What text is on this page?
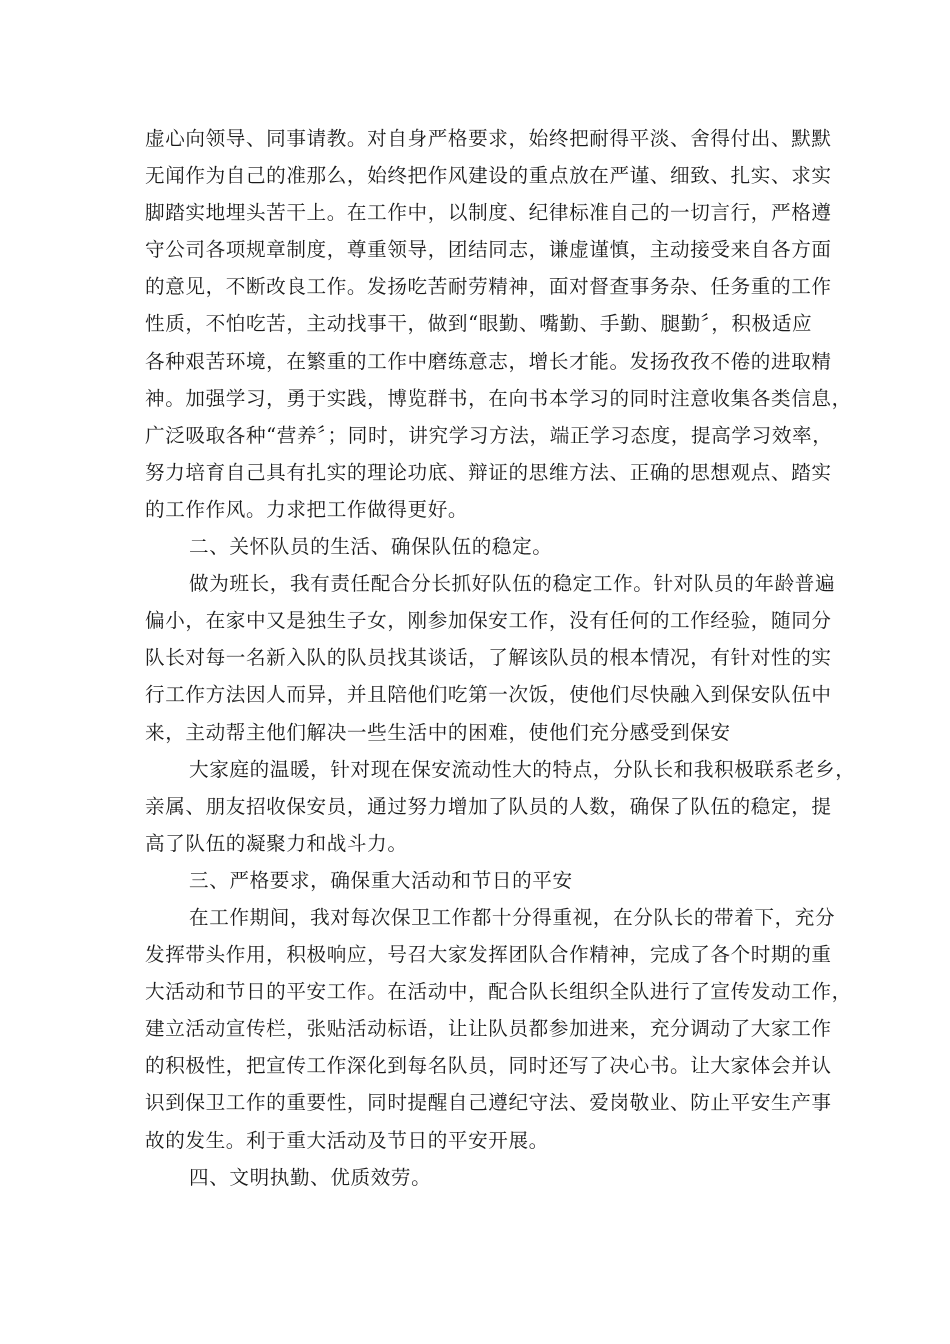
虚心向领导、同事请教。对自身严格要求，始终把耐得平淡、舍得付出、默默
无闻作为自己的准那么，始终把作风建设的重点放在严谨、细致、扎实、求实
脚踏实地埋头苦干上。在工作中，以制度、纪律标准自己的一切言行，严格遵
守公司各项规章制度，尊重领导，团结同志，谦虚谨慎，主动接受来自各方面
的意见，不断改良工作。发扬吃苦耐劳精神，面对督查事务杂、任务重的工作
性质，不怕吃苦，主动找事干，做到“眼勤、嘴勤、手勤、腿勤〞，积极适应
各种艰苦环境，在繁重的工作中磨练意志，增长才能。发扬孜孜不倦的进取精
神。加强学习，勇于实践，博览群书，在向书本学习的同时注意收集各类信息，
广泛吸取各种“营养〞；同时，讲究学习方法，端正学习态度，提高学习效率，
努力培育自己具有扎实的理论功底、辩证的思维方法、正确的思想观点、踏实
的工作作风。力求把工作做得更好。
二、关怀队员的生活、确保队伍的稳定。
做为班长，我有责任配合分长抓好队伍的稳定工作。针对队员的年龄普遍
偏小，在家中又是独生子女，刚参加保安工作，没有任何的工作经验，随同分
队长对每一名新入队的队员找其谈话，了解该队员的根本情况，有针对性的实
行工作方法因人而异，并且陪他们吃第一次饭，使他们尽快融入到保安队伍中
来，主动帮主他们解决一些生活中的困难，使他们充分感受到保安
大家庭的温暖，针对现在保安流动性大的特点，分队长和我积极联系老乡，
亲属、朋友招收保安员，通过努力增加了队员的人数，确保了队伍的稳定，提
高了队伍的凝聚力和战斗力。
三、严格要求，确保重大活动和节日的平安
在工作期间，我对每次保卫工作都十分得重视，在分队长的带着下，充分
发挥带头作用，积极响应，号召大家发挥团队合作精神，完成了各个时期的重
大活动和节日的平安工作。在活动中，配合队长组织全队进行了宣传发动工作，
建立活动宣传栏，张贴活动标语，让让队员都参加进来，充分调动了大家工作
的积极性，把宣传工作深化到每名队员，同时还写了决心书。让大家体会并认
识到保卫工作的重要性，同时提醒自己遵纪守法、爱岗敬业、防止平安生产事
故的发生。利于重大活动及节日的平安开展。
四、文明执勤、优质效劳。
